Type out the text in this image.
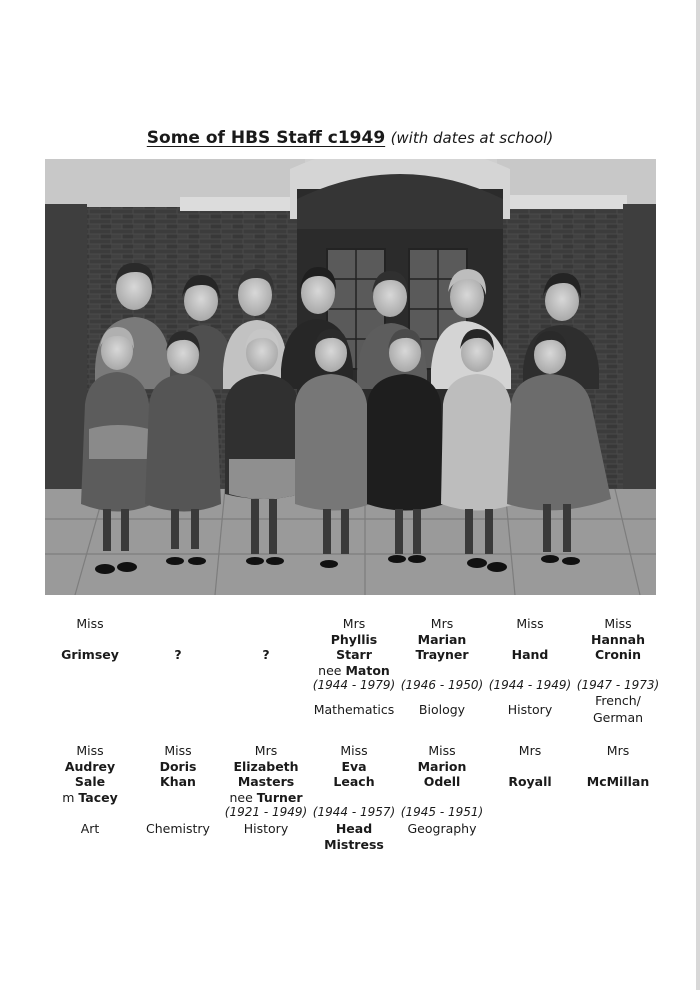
Some of HBS Staff c1949 (with dates at school)
Miss

Grimsey

	?

	?
Mrs
Phyllis
Starr
nee Maton
(1944 - 1979)
Mathematics
Mrs
Marian
Trayner
(1946 - 1950)
Biology
Miss

Hand
(1944 - 1949)
History
Miss
Hannah
Cronin
(1947 - 1973)
French/
German
Miss
Audrey
Sale
m Tacey
Art
Miss
Doris
Khan
Chemistry
Mrs
Elizabeth
Masters
nee Turner
(1921 - 1949)
History
Miss
Eva
Leach
(1944 - 1957)
Head
Mistress
Miss
Marion
Odell
(1945 - 1951)
Geography
Mrs

Royall
Mrs

McMillan
